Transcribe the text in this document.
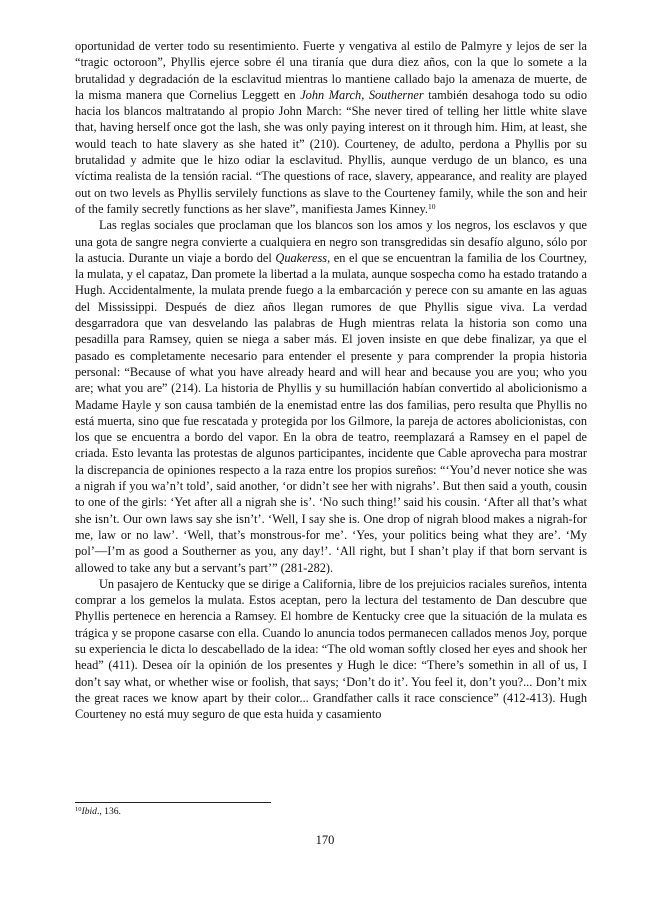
oportunidad de verter todo su resentimiento. Fuerte y vengativa al estilo de Palmyre y lejos de ser la “tragic octoroon”, Phyllis ejerce sobre él una tiranía que dura diez años, con la que lo somete a la brutalidad y degradación de la esclavitud mientras lo mantiene callado bajo la amenaza de muerte, de la misma manera que Cornelius Leggett en John March, Southerner también desahoga todo su odio hacia los blancos maltratando al propio John March: “She never tired of telling her little white slave that, having herself once got the lash, she was only paying interest on it through him. Him, at least, she would teach to hate slavery as she hated it” (210). Courteney, de adulto, perdona a Phyllis por su brutalidad y admite que le hizo odiar la esclavitud. Phyllis, aunque verdugo de un blanco, es una víctima realista de la tensión racial. “The questions of race, slavery, appearance, and reality are played out on two levels as Phyllis servilely functions as slave to the Courteney family, while the son and heir of the family secretly functions as her slave”, manifiesta James Kinney.$^{10}$

Las reglas sociales que proclaman que los blancos son los amos y los negros, los esclavos y que una gota de sangre negra convierte a cualquiera en negro son transgredidas sin desafío alguno, sólo por la astucia. Durante un viaje a bordo del Quakeress, en el que se encuentran la familia de los Courtney, la mulata, y el capataz, Dan promete la libertad a la mulata, aunque sospecha como ha estado tratando a Hugh. Accidentalmente, la mulata prende fuego a la embarcación y perece con su amante en las aguas del Mississippi. Después de diez años llegan rumores de que Phyllis sigue viva. La verdad desgarradora que van desvelando las palabras de Hugh mientras relata la historia son como una pesadilla para Ramsey, quien se niega a saber más. El joven insiste en que debe finalizar, ya que el pasado es completamente necesario para entender el presente y para comprender la propia historia personal: “Because of what you have already heard and will hear and because you are you; who you are; what you are” (214). La historia de Phyllis y su humillación habían convertido al abolicionismo a Madame Hayle y son causa también de la enemistad entre las dos familias, pero resulta que Phyllis no está muerta, sino que fue rescatada y protegida por los Gilmore, la pareja de actores abolicionistas, con los que se encuentra a bordo del vapor. En la obra de teatro, reemplazará a Ramsey en el papel de criada. Esto levanta las protestas de algunos participantes, incidente que Cable aprovecha para mostrar la discrepancia de opiniones respecto a la raza entre los propios sureños: “‘You’d never notice she was a nigrah if you wa’n’t told’, said another, ‘or didn’t see her with nigrahs’. But then said a youth, cousin to one of the girls: ‘Yet after all a nigrah she is’. ‘No such thing!’ said his cousin. ‘After all that’s what she isn’t. Our own laws say she isn’t’. ‘Well, I say she is. One drop of nigrah blood makes a nigrah-for me, law or no law’. ‘Well, that’s monstrous-for me’. ‘Yes, your politics being what they are’. ‘My pol’—I’m as good a Southerner as you, any day!’. ‘All right, but I shan’t play if that born servant is allowed to take any but a servant’s part’” (281-282).

Un pasajero de Kentucky que se dirige a California, libre de los prejuicios raciales sureños, intenta comprar a los gemelos la mulata. Estos aceptan, pero la lectura del testamento de Dan descubre que Phyllis pertenece en herencia a Ramsey. El hombre de Kentucky cree que la situación de la mulata es trágica y se propone casarse con ella. Cuando lo anuncia todos permanecen callados menos Joy, porque su experiencia le dicta lo descabellado de la idea: “The old woman softly closed her eyes and shook her head” (411). Desea oír la opinión de los presentes y Hugh le dice: “There’s somethin in all of us, I don’t say what, or whether wise or foolish, that says; ‘Don’t do it’. You feel it, don’t you?... Don’t mix the great races we know apart by their color... Grandfather calls it race conscience” (412-413). Hugh Courteney no está muy seguro de que esta huida y casamiento

$^{10}$Ibid., 136.
170
